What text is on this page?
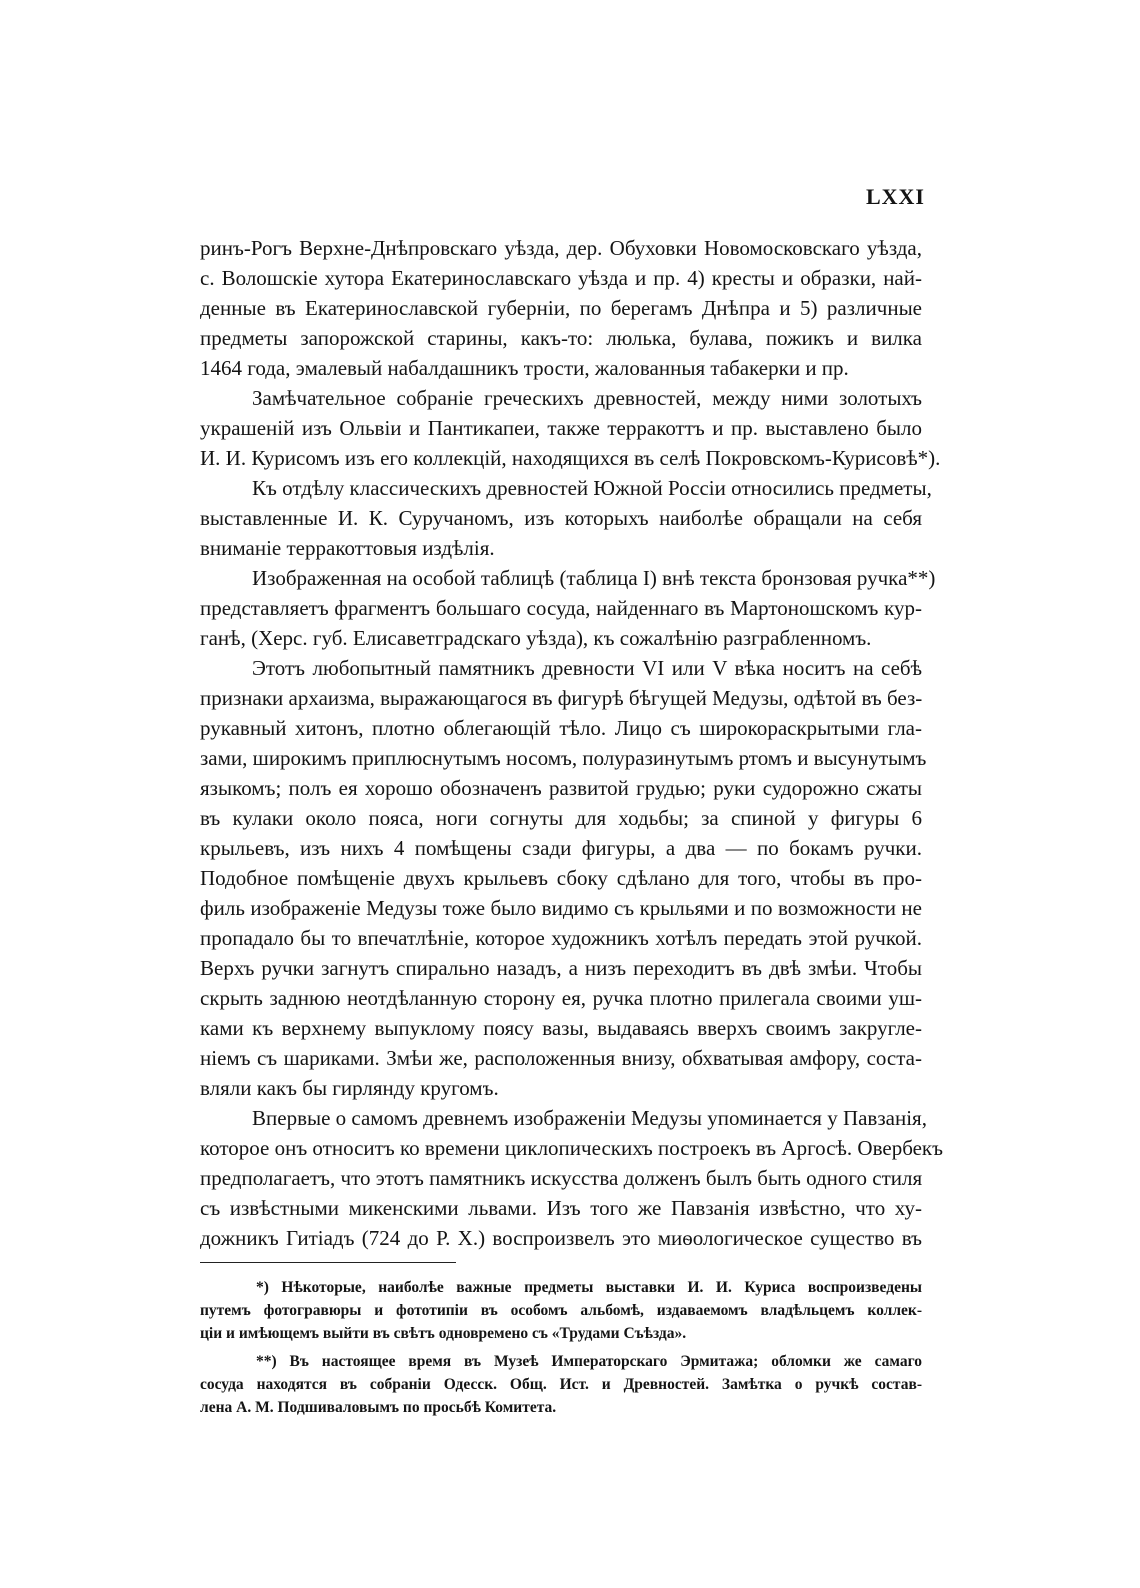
LXXI
ринъ-Рогъ Верхне-Днѣпровскаго уѣзда, дер. Обуховки Новомосковскаго уѣзда,
с. Волошскіе хутора Екатеринославскаго уѣзда и пр. 4) кресты и образки, най-
денные въ Екатеринославской губерніи, по берегамъ Днѣпра и 5) различные
предметы запорожской старины, какъ-то: люлька, булава, пожикъ и вилка
1464 года, эмалевый набалдашникъ трости, жалованныя табакерки и пр.
Замѣчательное собраніе греческихъ древностей, между ними золотыхъ
украшеній изъ Ольвіи и Пантикапеи, также терракоттъ и пр. выставлено было
И. И. Курисомъ изъ его коллекцій, находящихся въ селѣ Покровскомъ-Курисовѣ*).
Къ отдѣлу классическихъ древностей Южной Россіи относились предметы,
выставленные И. К. Суручаномъ, изъ которыхъ наиболѣе обращали на себя
вниманіе терракоттовыя издѣлія.
Изображенная на особой таблицѣ (таблица I) внѣ текста бронзовая ручка**)
представляетъ фрагментъ большаго сосуда, найденнаго въ Мартоношскомъ кур-
ганѣ, (Херс. губ. Елисаветградскаго уѣзда), къ сожалѣнію разграбленномъ.
Этотъ любопытный памятникъ древности VI или V вѣка носитъ на себѣ
признаки архаизма, выражающагося въ фигурѣ бѣгущей Медузы, одѣтой въ без-
рукавный хитонъ, плотно облегающій тѣло. Лицо съ широкораскрытыми гла-
зами, широкимъ приплюснутымъ носомъ, полуразинутымъ ртомъ и высунутымъ
языкомъ; полъ ея хорошо обозначенъ развитой грудью; руки судорожно сжаты
въ кулаки около пояса, ноги согнуты для ходьбы; за спиной у фигуры 6
крыльевъ, изъ нихъ 4 помѣщены сзади фигуры, а два — по бокамъ ручки.
Подобное помѣщеніе двухъ крыльевъ сбоку сдѣлано для того, чтобы въ про-
филь изображеніе Медузы тоже было видимо съ крыльями и по возможности не
пропадало бы то впечатлѣніе, которое художникъ хотѣлъ передать этой ручкой.
Верхъ ручки загнутъ спирально назадъ, а низъ переходитъ въ двѣ змѣи. Чтобы
скрыть заднюю неотдѣланную сторону ея, ручка плотно прилегала своими уш-
ками къ верхнему выпуклому поясу вазы, выдаваясь вверхъ своимъ закругле-
ніемъ съ шариками. Змѣи же, расположенныя внизу, обхватывая амфору, соста-
вляли какъ бы гирлянду кругомъ.
Впервые о самомъ древнемъ изображеніи Медузы упоминается у Павзанія,
которое онъ относитъ ко времени циклопическихъ построекъ въ Аргосѣ. Овербекъ
предполагаетъ, что этотъ памятникъ искусства долженъ былъ быть одного стиля
съ извѣстными микенскими львами. Изъ того же Павзанія извѣстно, что ху-
дожникъ Гитіадъ (724 до Р. Х.) воспроизвелъ это миѳологическое существо въ
*) Нѣкоторые, наиболѣе важные предметы выставки И. И. Куриса воспроизведены
путемъ фотогравюры и фототипіи въ особомъ альбомѣ, издаваемомъ владѣльцемъ коллек-
ціи и имѣющемъ выйти въ свѣтъ одновремено съ «Трудами Съѣзда».
**) Въ настоящее время въ Музеѣ Императорскаго Эрмитажа; обломки же самаго
сосуда находятся въ собраніи Одесск. Общ. Ист. и Древностей. Замѣтка о ручкѣ состав-
лена А. М. Подшиваловымъ по просьбѣ Комитета.
